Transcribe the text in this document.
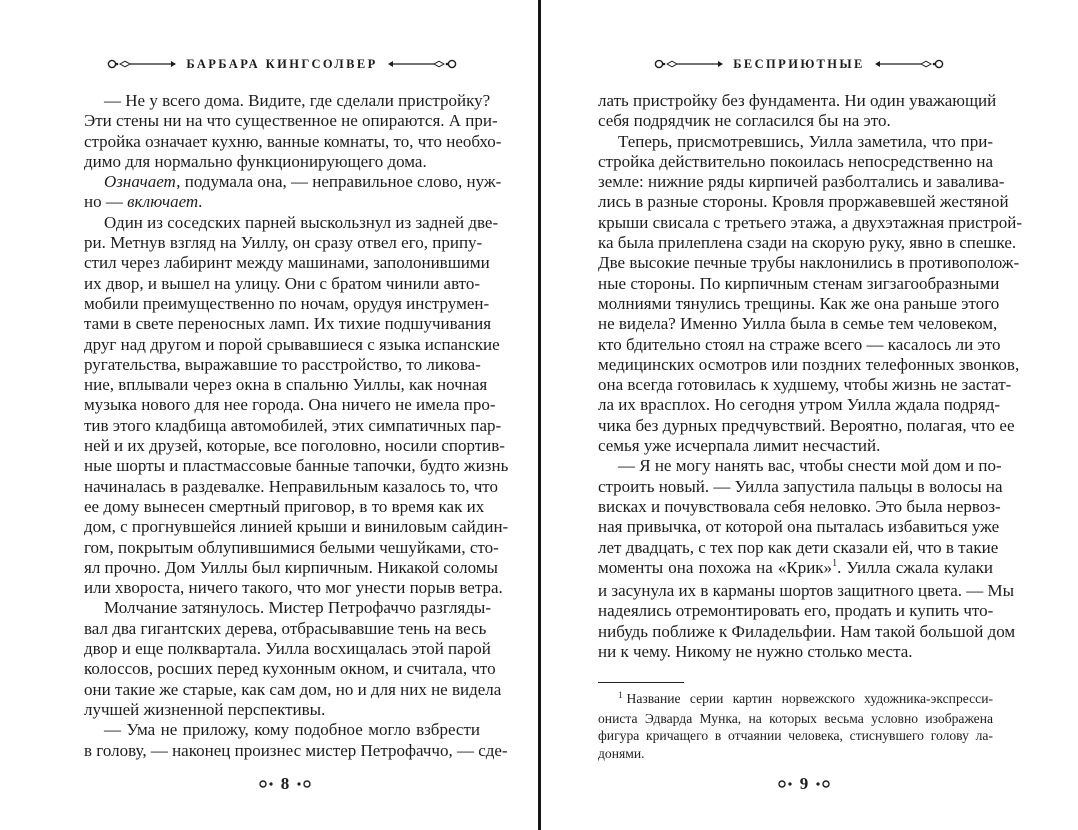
БАРБАРА КИНГСОЛВЕР
— Не у всего дома. Видите, где сделали пристройку?
Эти стены ни на что существенное не опираются. А при-
стройка означает кухню, ванные комнаты, то, что необхо-
димо для нормально функционирующего дома.
Означает, подумала она, — неправильное слово, нуж-
но — включает.
Один из соседских парней выскользнул из задней две-
ри. Метнув взгляд на Уиллу, он сразу отвел его, припу-
стил через лабиринт между машинами, заполонившими
их двор, и вышел на улицу. Они с братом чинили авто-
мобили преимущественно по ночам, орудуя инструмен-
тами в свете переносных ламп. Их тихие подшучивания
друг над другом и порой срывавшиеся с языка испанские
ругательства, выражавшие то расстройство, то ликова-
ние, вплывали через окна в спальню Уиллы, как ночная
музыка нового для нее города. Она ничего не имела про-
тив этого кладбища автомобилей, этих симпатичных пар-
ней и их друзей, которые, все поголовно, носили спортив-
ные шорты и пластмассовые банные тапочки, будто жизнь
начиналась в раздевалке. Неправильным казалось то, что
ее дому вынесен смертный приговор, в то время как их
дом, с прогнувшейся линией крыши и виниловым сайдин-
гом, покрытым облупившимися белыми чешуйками, сто-
ял прочно. Дом Уиллы был кирпичным. Никакой соломы
или хвороста, ничего такого, что мог унести порыв ветра.
Молчание затянулось. Мистер Петрофаччо разгляды-
вал два гигантских дерева, отбрасывавшие тень на весь
двор и еще полквартала. Уилла восхищалась этой парой
колоссов, росших перед кухонным окном, и считала, что
они такие же старые, как сам дом, но и для них не видела
лучшей жизненной перспективы.
— Ума не приложу, кому подобное могло взбрести
в голову, — наконец произнес мистер Петрофаччо, — сде-
8
БЕСПРИЮТНЫЕ
лать пристройку без фундамента. Ни один уважающий
себя подрядчик не согласился бы на это.
Теперь, присмотревшись, Уилла заметила, что при-
стройка действительно покоилась непосредственно на
земле: нижние ряды кирпичей разболтались и завалива-
лись в разные стороны. Кровля проржавевшей жестяной
крыши свисала с третьего этажа, а двухэтажная пристрой-
ка была прилеплена сзади на скорую руку, явно в спешке.
Две высокие печные трубы наклонились в противополож-
ные стороны. По кирпичным стенам зигзагообразными
молниями тянулись трещины. Как же она раньше этого
не видела? Именно Уилла была в семье тем человеком,
кто бдительно стоял на страже всего — касалось ли это
медицинских осмотров или поздних телефонных звонков,
она всегда готовилась к худшему, чтобы жизнь не застат-
ла их врасплох. Но сегодня утром Уилла ждала подряд-
чика без дурных предчувствий. Вероятно, полагая, что ее
семья уже исчерпала лимит несчастий.
— Я не могу нанять вас, чтобы снести мой дом и по-
строить новый. — Уилла запустила пальцы в волосы на
висках и почувствовала себя неловко. Это была нервоз-
ная привычка, от которой она пыталась избавиться уже
лет двадцать, с тех пор как дети сказали ей, что в такие
моменты она похожа на «Крик»$^1$. Уилла сжала кулаки
и засунула их в карманы шортов защитного цвета. — Мы
надеялись отремонтировать его, продать и купить что-
нибудь поближе к Филадельфии. Нам такой большой дом
ни к чему. Никому не нужно столько места.
$^1$ Название серии картин норвежского художника-экспресси-
ониста Эдварда Мунка, на которых весьма условно изображена
фигура кричащего в отчаянии человека, стиснувшего голову ла-
донями.
9
